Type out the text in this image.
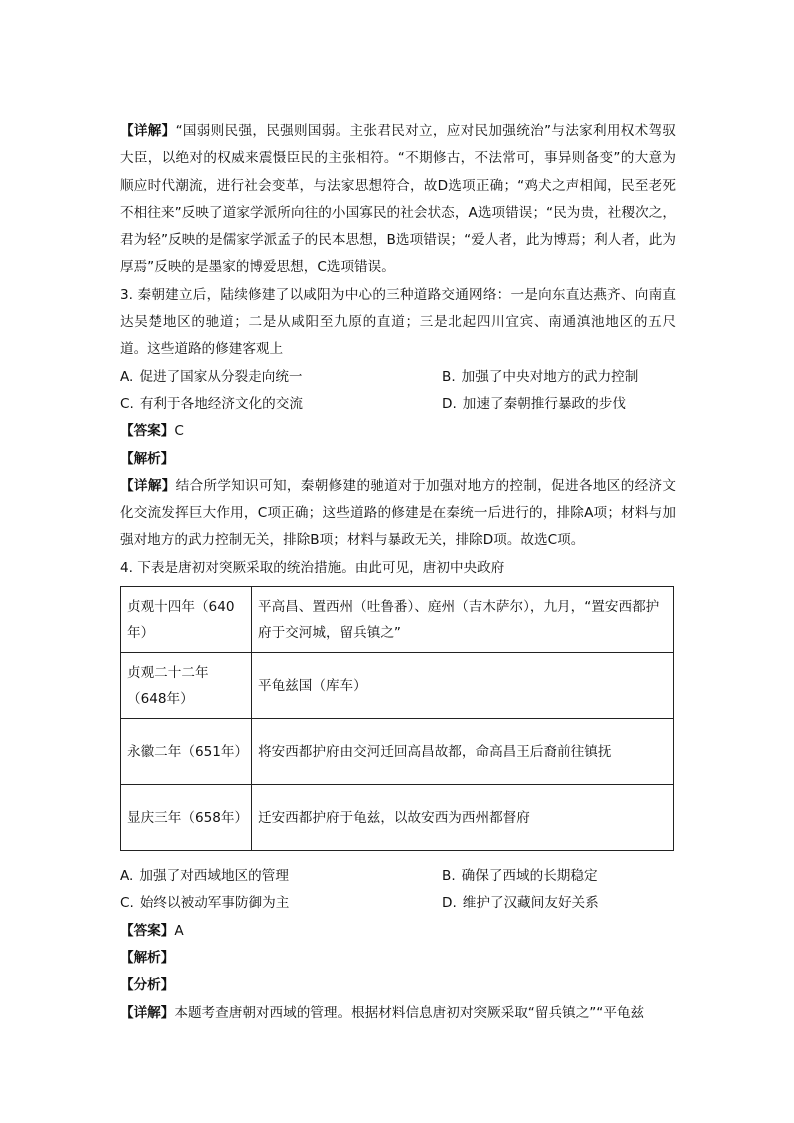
【详解】“国弱则民强，民强则国弱。主张君民对立，应对民加强统治”与法家利用权术驾驭大臣，以绝对的权威来震慑臣民的主张相符。“不期修古，不法常可，事异则备变”的大意为顺应时代潮流，进行社会变革，与法家思想符合，故D选项正确；“鸡犬之声相闻，民至老死不相往来”反映了道家学派所向往的小国寡民的社会状态，A选项错误；“民为贵，社稷次之，君为轻”反映的是儒家学派孟子的民本思想，B选项错误；“爱人者，此为博焉；利人者，此为厚焉”反映的是墨家的博爱思想，C选项错误。

3. 秦朝建立后，陆续修建了以咸阳为中心的三种道路交通网络：一是向东直达燕齐、向南直达吴楚地区的驰道；二是从咸阳至九原的直道；三是北起四川宜宾、南通滇池地区的五尺道。这些道路的修建客观上

A. 促进了国家从分裂走向统一	B. 加强了中央对地方的武力控制
C. 有利于各地经济文化的交流	D. 加速了秦朝推行暴政的步伐

【答案】C

【解析】

【详解】结合所学知识可知，秦朝修建的驰道对于加强对地方的控制，促进各地区的经济文化交流发挥巨大作用，C项正确；这些道路的修建是在秦统一后进行的，排除A项；材料与加强对地方的武力控制无关，排除B项；材料与暴政无关，排除D项。故选C项。

4. 下表是唐初对突厥采取的统治措施。由此可见，唐初中央政府

贞观十四年（640年）	平高昌、置西州（吐鲁番）、庭州（吉木萨尔），九月，“置安西都护府于交河城，留兵镇之”
贞观二十二年（648年）	平龟兹国（库车）
永徽二年（651年）	将安西都护府由交河迁回高昌故都，命高昌王后裔前往镇抚
显庆三年（658年）	迁安西都护府于龟兹，以故安西为西州都督府
A. 加强了对西域地区的管理	B. 确保了西域的长期稳定
C. 始终以被动军事防御为主	D. 维护了汉藏间友好关系

【答案】A

【解析】

【分析】

【详解】本题考查唐朝对西域的管理。根据材料信息唐初对突厥采取“留兵镇之”“平龟兹
